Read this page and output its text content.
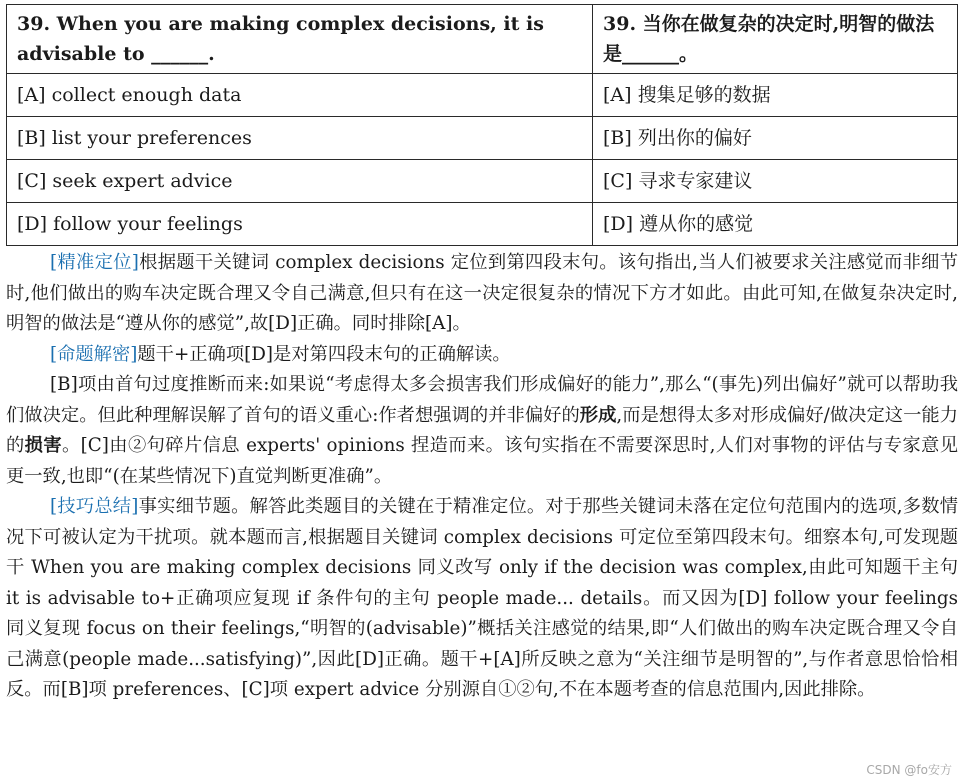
39. When you are making complex decisions, it is advisable to ______.	39. 当你在做复杂的决定时,明智的做法是______。
[A] collect enough data	[A] 搜集足够的数据
[B] list your preferences	[B] 列出你的偏好
[C] seek expert advice	[C] 寻求专家建议
[D] follow your feelings	[D] 遵从你的感觉

[精准定位]根据题干关键词 complex decisions 定位到第四段末句。该句指出,当人们被要求关注感觉而非细节时,他们做出的购车决定既合理又令自己满意,但只有在这一决定很复杂的情况下方才如此。由此可知,在做复杂决定时,明智的做法是“遵从你的感觉”,故[D]正确。同时排除[A]。

[命题解密]题干+正确项[D]是对第四段末句的正确解读。

[B]项由首句过度推断而来:如果说“考虑得太多会损害我们形成偏好的能力”,那么“(事先)列出偏好”就可以帮助我们做决定。但此种理解误解了首句的语义重心:作者想强调的并非偏好的形成,而是想得太多对形成偏好/做决定这一能力的损害。[C]由②句碎片信息 experts' opinions 捏造而来。该句实指在不需要深思时,人们对事物的评估与专家意见更一致,也即“(在某些情况下)直觉判断更准确”。

[技巧总结]事实细节题。解答此类题目的关键在于精准定位。对于那些关键词未落在定位句范围内的选项,多数情况下可被认定为干扰项。就本题而言,根据题目关键词 complex decisions 可定位至第四段末句。细察本句,可发现题干 When you are making complex decisions 同义改写 only if the decision was complex,由此可知题干主句 it is advisable to+正确项应复现 if 条件句的主句 people made... details。而又因为[D] follow your feelings 同义复现 focus on their feelings,“明智的(advisable)”概括关注感觉的结果,即“人们做出的购车决定既合理又令自己满意(people made...satisfying)”,因此[D]正确。题干+[A]所反映之意为“关注细节是明智的”,与作者意思恰恰相反。而[B]项 preferences、[C]项 expert advice 分别源自①②句,不在本题考查的信息范围内,因此排除。

CSDN @fo安方
